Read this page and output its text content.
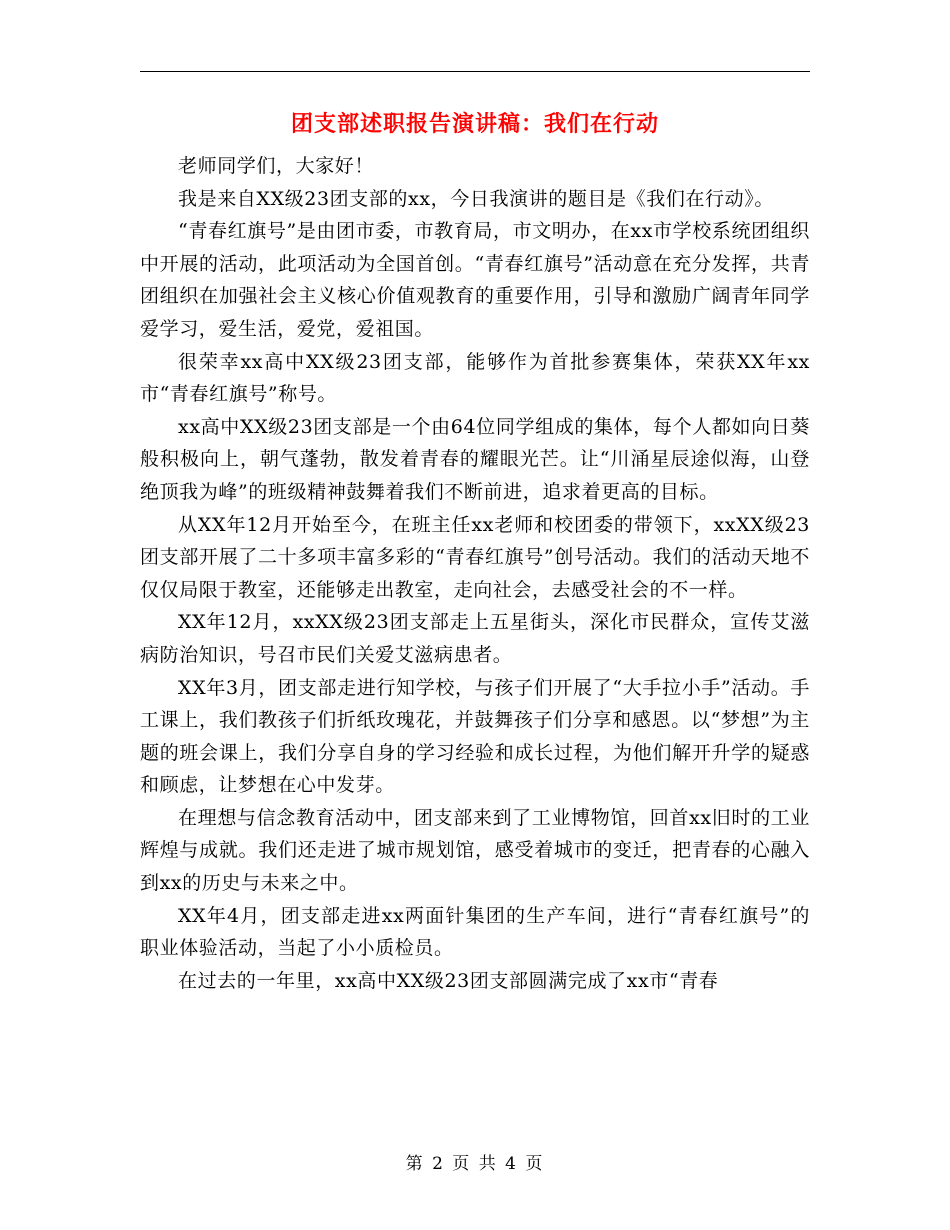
团支部述职报告演讲稿：我们在行动

老师同学们，大家好！

我是来自XX级23团支部的xx，今日我演讲的题目是《我们在行动》。

“青春红旗号”是由团市委，市教育局，市文明办，在xx市学校系统团组织中开展的活动，此项活动为全国首创。“青春红旗号”活动意在充分发挥，共青团组织在加强社会主义核心价值观教育的重要作用，引导和激励广阔青年同学爱学习，爱生活，爱党，爱祖国。

很荣幸xx高中XX级23团支部，能够作为首批参赛集体，荣获XX年xx市“青春红旗号”称号。

xx高中XX级23团支部是一个由64位同学组成的集体，每个人都如向日葵般积极向上，朝气蓬勃，散发着青春的耀眼光芒。让“川涌星辰途似海，山登绝顶我为峰”的班级精神鼓舞着我们不断前进，追求着更高的目标。

从XX年12月开始至今，在班主任xx老师和校团委的带领下，xxXX级23团支部开展了二十多项丰富多彩的“青春红旗号”创号活动。我们的活动天地不仅仅局限于教室，还能够走出教室，走向社会，去感受社会的不一样。

XX年12月，xxXX级23团支部走上五星街头，深化市民群众，宣传艾滋病防治知识，号召市民们关爱艾滋病患者。

XX年3月，团支部走进行知学校，与孩子们开展了“大手拉小手”活动。手工课上，我们教孩子们折纸玫瑰花，并鼓舞孩子们分享和感恩。以“梦想”为主题的班会课上，我们分享自身的学习经验和成长过程，为他们解开升学的疑惑和顾虑，让梦想在心中发芽。

在理想与信念教育活动中，团支部来到了工业博物馆，回首xx旧时的工业辉煌与成就。我们还走进了城市规划馆，感受着城市的变迁，把青春的心融入到xx的历史与未来之中。

XX年4月，团支部走进xx两面针集团的生产车间，进行“青春红旗号”的职业体验活动，当起了小小质检员。

在过去的一年里，xx高中XX级23团支部圆满完成了xx市“青春

第 2 页 共 4 页
